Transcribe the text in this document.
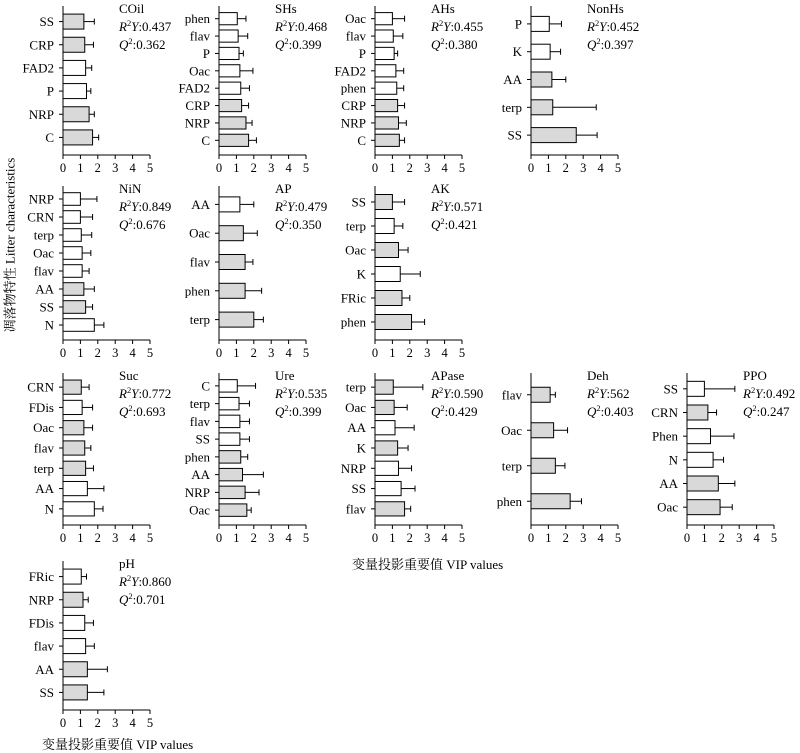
0 1 2 3 4 5
SS
CRP
FAD2
P
NRP
C
COil
$R^2Y:0.437$
$Q^2:0.362$
0 1 2 3 4 5
phen
flav
P
Oac
FAD2
CRP
NRP
C
SHs
$R^2Y:0.468$
$Q^2:0.399$
0 1 2 3 4 5
Oac
flav
P
FAD2
phen
CRP
NRP
C
AHs
$R^2Y:0.455$
$Q^2:0.380$
0 1 2 3 4 5
P
K
AA
terp
SS
NonHs
$R^2Y:0.452$
$Q^2:0.397$
0 1 2 3 4 5
NRP
CRN
terp
Oac
flav
AA
SS
N
NiN
$R^2Y:0.849$
$Q^2:0.676$
0 1 2 3 4 5
AA
Oac
flav
phen
terp
AP
$R^2Y:0.479$
$Q^2:0.350$
0 1 2 3 4 5
SS
terp
Oac
K
FRic
phen
AK
$R^2Y:0.571$
$Q^2:0.421$
0 1 2 3 4 5
CRN
FDis
Oac
flav
terp
AA
N
Suc
$R^2Y:0.772$
$Q^2:0.693$
0 1 2 3 4 5
C
terp
flav
SS
phen
AA
NRP
Oac
Ure
$R^2Y:0.535$
$Q^2:0.399$
0 1 2 3 4 5
terp
Oac
AA
K
NRP
SS
flav
APase
$R^2Y:0.590$
$Q^2:0.429$
0 1 2 3 4 5
flav
Oac
terp
phen
Deh
$R^2Y:562$
$Q^2:0.403$
0 1 2 3 4 5
SS
CRN
Phen
N
AA
Oac
PPO
$R^2Y:0.492$
$Q^2:0.247$
0 1 2 3 4 5
FRic
NRP
FDis
flav
AA
SS
pH
$R^2Y:0.860$
$Q^2:0.701$
凋落物特性 Litter characteristics
变量投影重要值 VIP values
变量投影重要值 VIP values
